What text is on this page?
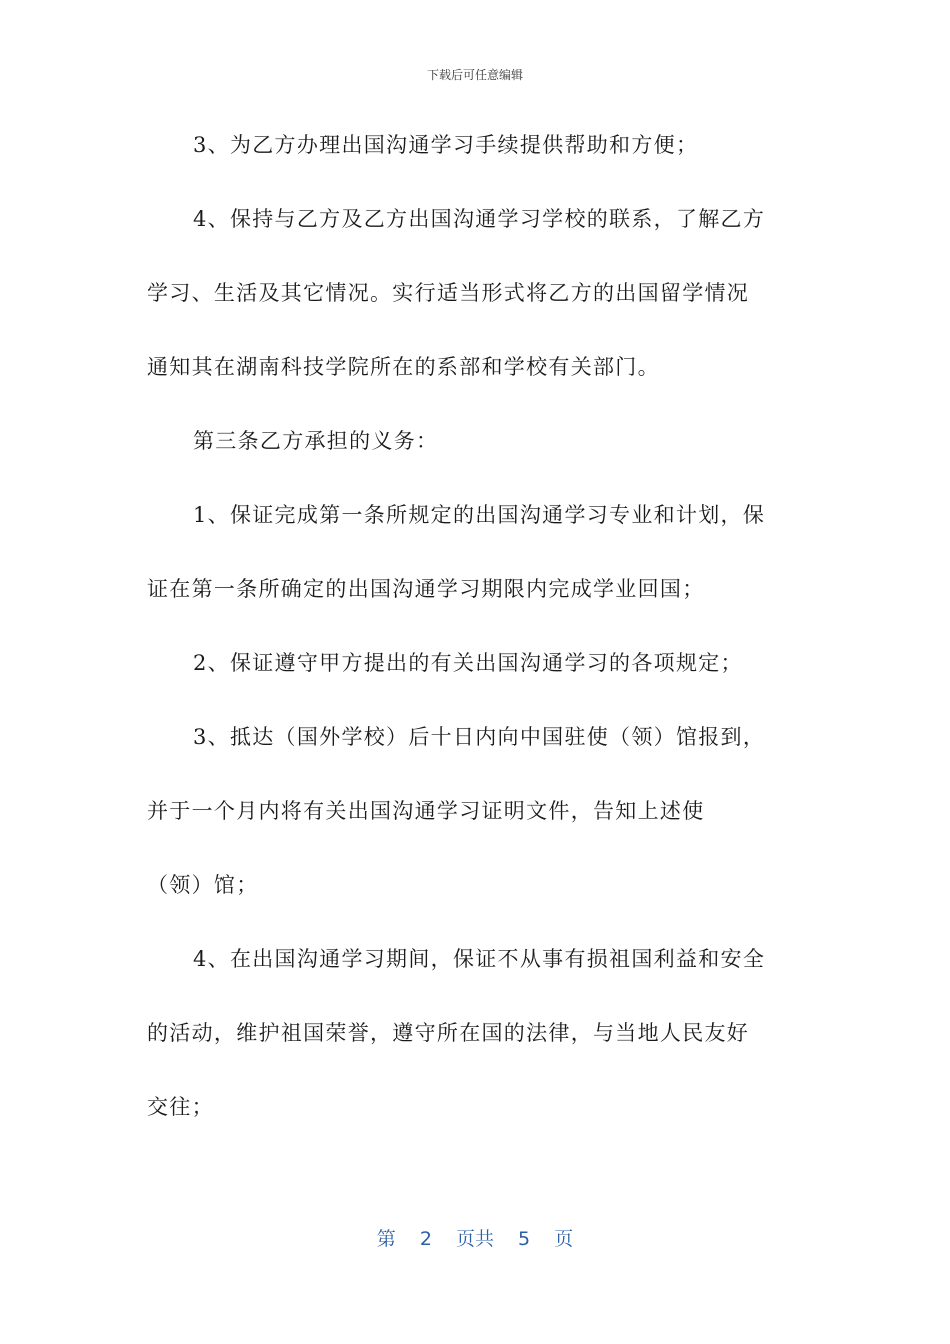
下载后可任意编辑
3、为乙方办理出国沟通学习手续提供帮助和方便；
4、保持与乙方及乙方出国沟通学习学校的联系，了解乙方
学习、生活及其它情况。实行适当形式将乙方的出国留学情况
通知其在湖南科技学院所在的系部和学校有关部门。
第三条乙方承担的义务：
1、保证完成第一条所规定的出国沟通学习专业和计划，保
证在第一条所确定的出国沟通学习期限内完成学业回国；
2、保证遵守甲方提出的有关出国沟通学习的各项规定；
3、抵达（国外学校）后十日内向中国驻使（领）馆报到，
并于一个月内将有关出国沟通学习证明文件，告知上述使
（领）馆；
4、在出国沟通学习期间，保证不从事有损祖国利益和安全
的活动，维护祖国荣誉，遵守所在国的法律，与当地人民友好
交往；
第 2 页共 5 页
